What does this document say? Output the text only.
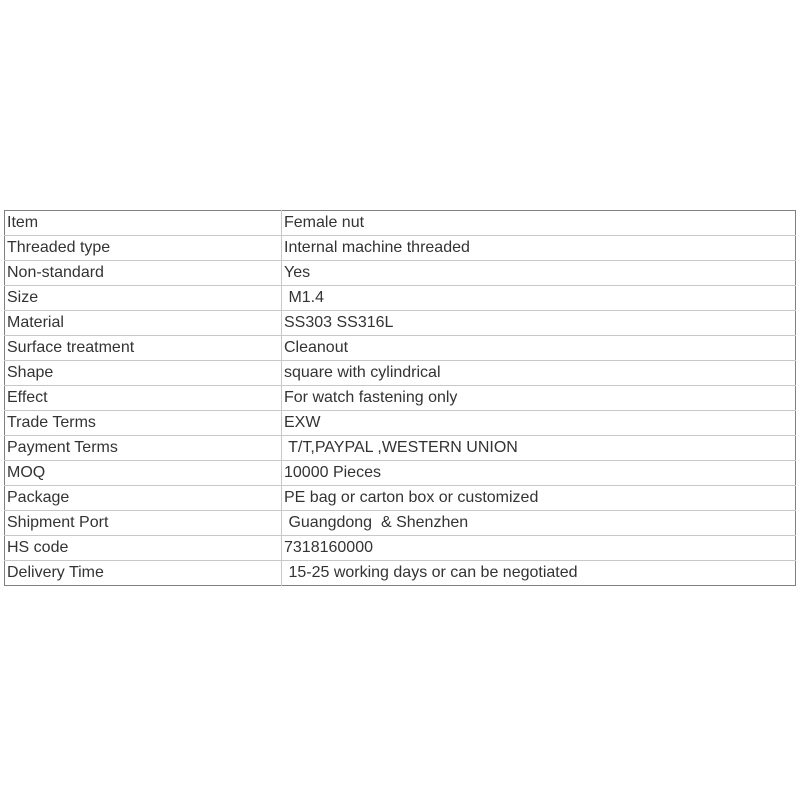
Item	Female nut
Threaded type	Internal machine threaded
Non-standard	Yes
Size	M1.4
Material	SS303 SS316L
Surface treatment	Cleanout
Shape	square with cylindrical
Effect	For watch fastening only
Trade Terms	EXW
Payment Terms	T/T,PAYPAL ,WESTERN UNION
MOQ	10000 Pieces
Package	PE bag or carton box or customized
Shipment Port	Guangdong  & Shenzhen
HS code	7318160000
Delivery Time	15-25 working days or can be negotiated
